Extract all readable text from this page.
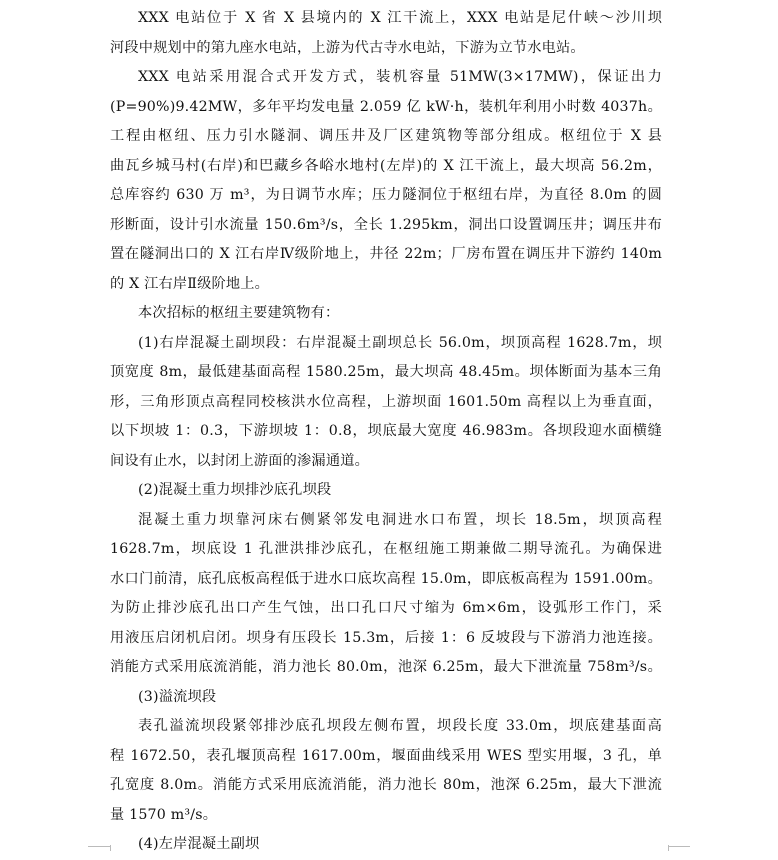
XXX 电站位于 X 省 X 县境内的 X 江干流上，XXX 电站是尼什峡～沙川坝
河段中规划中的第九座水电站，上游为代古寺水电站，下游为立节水电站。
XXX 电站采用混合式开发方式，装机容量 51MW(3×17MW)，保证出力
(P=90%)9.42MW，多年平均发电量 2.059 亿 kW·h，装机年利用小时数 4037h。
工程由枢纽、压力引水隧洞、调压井及厂区建筑物等部分组成。枢纽位于 X 县
曲瓦乡城马村(右岸)和巴藏乡各峪水地村(左岸)的 X 江干流上，最大坝高 56.2m，
总库容约 630 万 m³，为日调节水库；压力隧洞位于枢纽右岸，为直径 8.0m 的圆
形断面，设计引水流量 150.6m³/s，全长 1.295km，洞出口设置调压井；调压井布
置在隧洞出口的 X 江右岸Ⅳ级阶地上，井径 22m；厂房布置在调压井下游约 140m
的 X 江右岸Ⅱ级阶地上。
本次招标的枢纽主要建筑物有：
(1)右岸混凝土副坝段：右岸混凝土副坝总长 56.0m，坝顶高程 1628.7m，坝
顶宽度 8m，最低建基面高程 1580.25m，最大坝高 48.45m。坝体断面为基本三角
形，三角形顶点高程同校核洪水位高程，上游坝面 1601.50m 高程以上为垂直面，
以下坝坡 1：0.3，下游坝坡 1：0.8，坝底最大宽度 46.983m。各坝段迎水面横缝
间设有止水，以封闭上游面的渗漏通道。
(2)混凝土重力坝排沙底孔坝段
混凝土重力坝靠河床右侧紧邻发电洞进水口布置，坝长 18.5m，坝顶高程
1628.7m，坝底设 1 孔泄洪排沙底孔，在枢纽施工期兼做二期导流孔。为确保进
水口门前清，底孔底板高程低于进水口底坎高程 15.0m，即底板高程为 1591.00m。
为防止排沙底孔出口产生气蚀，出口孔口尺寸缩为 6m×6m，设弧形工作门，采
用液压启闭机启闭。坝身有压段长 15.3m，后接 1：6 反坡段与下游消力池连接。
消能方式采用底流消能，消力池长 80.0m，池深 6.25m，最大下泄流量 758m³/s。
(3)溢流坝段
表孔溢流坝段紧邻排沙底孔坝段左侧布置，坝段长度 33.0m，坝底建基面高
程 1672.50，表孔堰顶高程 1617.00m，堰面曲线采用 WES 型实用堰，3 孔，单
孔宽度 8.0m。消能方式采用底流消能，消力池长 80m，池深 6.25m，最大下泄流
量 1570 m³/s。
(4)左岸混凝土副坝
